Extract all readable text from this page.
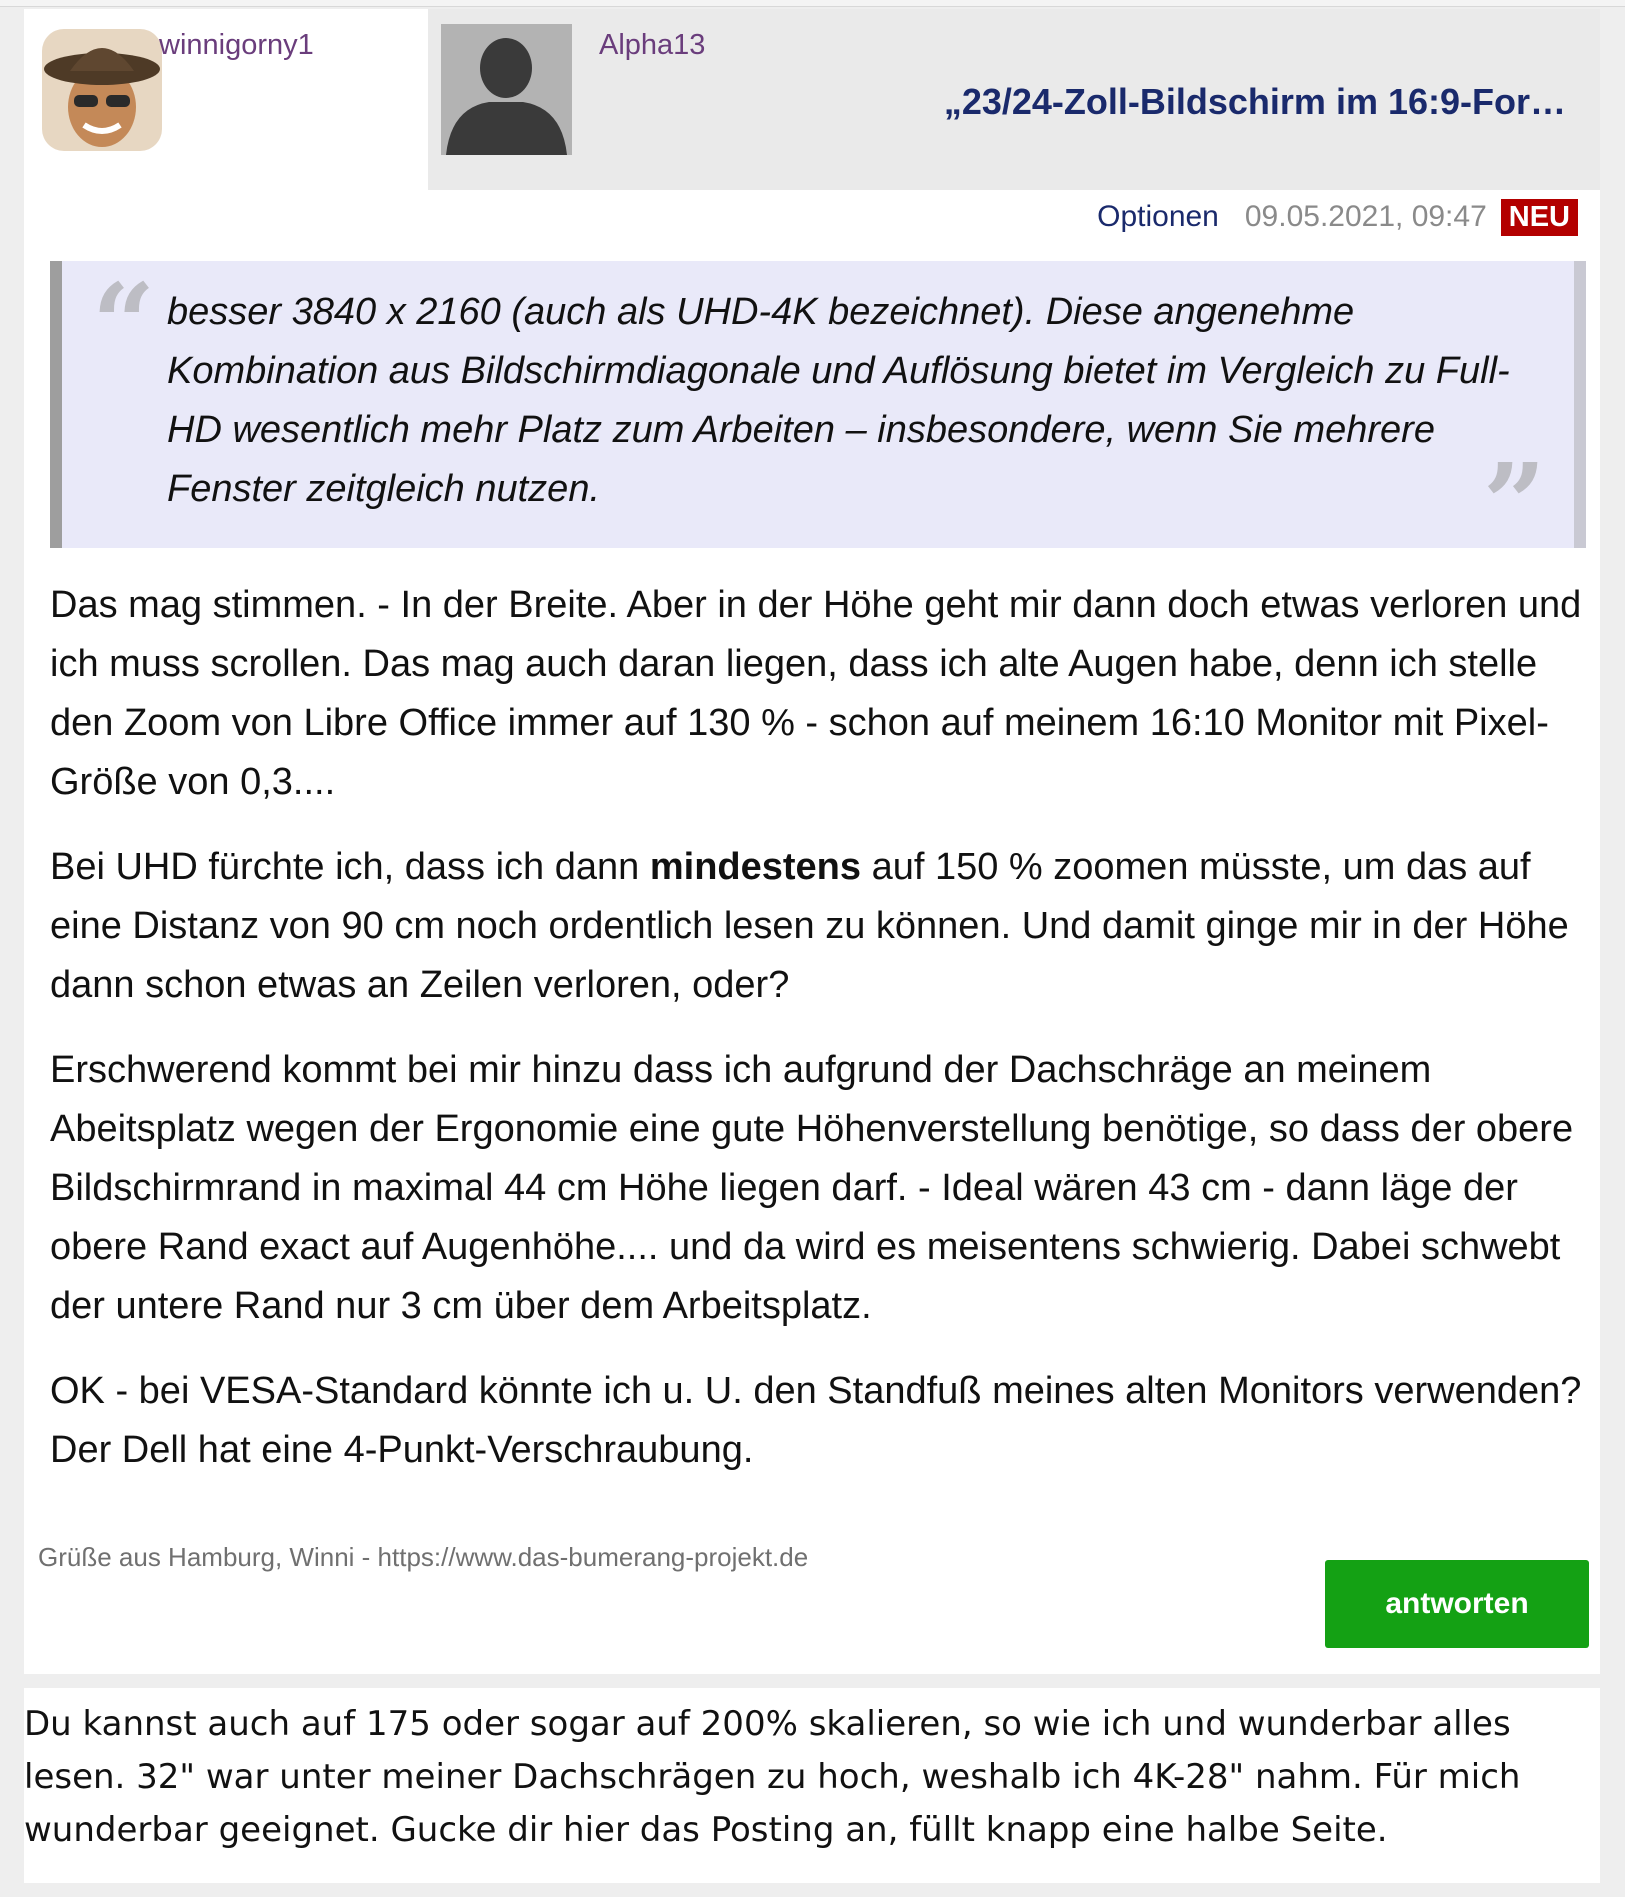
winnigorny1	Alpha13
„23/24-Zoll-Bildschirm im 16:9-For…
Optionen 09.05.2021, 09:47 NEU
“ besser 3840 x 2160 (auch als UHD-4K bezeichnet). Diese angenehme Kombination aus Bildschirmdiagonale und Auflösung bietet im Vergleich zu Full-HD wesentlich mehr Platz zum Arbeiten – insbesondere, wenn Sie mehrere Fenster zeitgleich nutzen.	”

Das mag stimmen. - In der Breite. Aber in der Höhe geht mir dann doch etwas verloren und ich muss scrollen. Das mag auch daran liegen, dass ich alte Augen habe, denn ich stelle den Zoom von Libre Office immer auf 130 % - schon auf meinem 16:10 Monitor mit Pixel-Größe von 0,3....

Bei UHD fürchte ich, dass ich dann mindestens auf 150 % zoomen müsste, um das auf eine Distanz von 90 cm noch ordentlich lesen zu können. Und damit ginge mir in der Höhe dann schon etwas an Zeilen verloren, oder?

Erschwerend kommt bei mir hinzu dass ich aufgrund der Dachschräge an meinem Abeitsplatz wegen der Ergonomie eine gute Höhenverstellung benötige, so dass der obere Bildschirmrand in maximal 44 cm Höhe liegen darf. - Ideal wären 43 cm - dann läge der obere Rand exact auf Augenhöhe.... und da wird es meisentens schwierig. Dabei schwebt der untere Rand nur 3 cm über dem Arbeitsplatz.

OK - bei VESA-Standard könnte ich u. U. den Standfuß meines alten Monitors verwenden? Der Dell hat eine 4-Punkt-Verschraubung.

Grüße aus Hamburg, Winni - https://www.das-bumerang-projekt.de
antworten

Du kannst auch auf 175 oder sogar auf 200% skalieren, so wie ich und wunderbar alles lesen. 32" war unter meiner Dachschrägen zu hoch, weshalb ich 4K-28" nahm. Für mich wunderbar geeignet. Gucke dir hier das Posting an, füllt knapp eine halbe Seite.
